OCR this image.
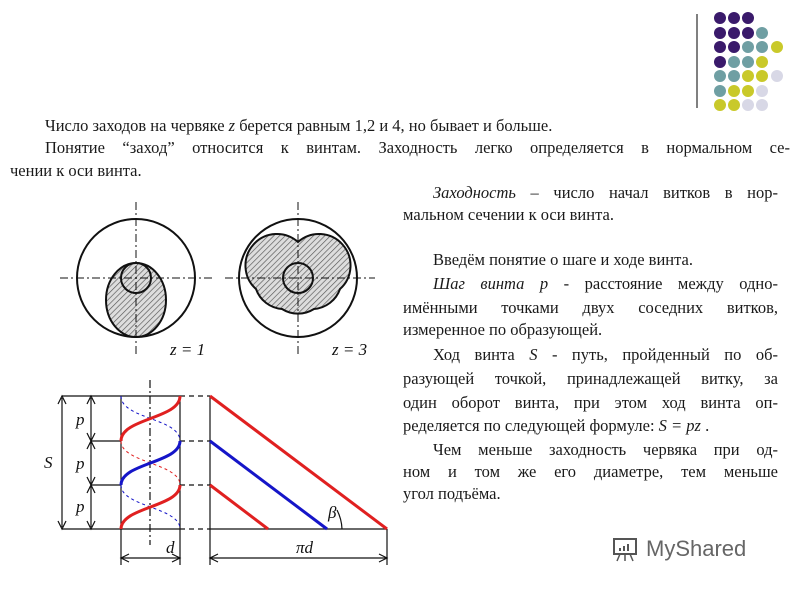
Число заходов на червяке z берется равным 1,2 и 4, но бывает и больше.
Понятие “заход” относится к винтам. Заходность легко определяется в нормальном се-
чении к оси винта.
Заходность – число начал витков в нор-
мальном сечении к оси винта.
Введём понятие о шаге и ходе винта.
Шаг винта p - расстояние между одно-
имёнными точками двух соседних витков,
измеренное по образующей.
Ход винта S - путь, пройденный по об-
разующей точкой, принадлежащей витку, за
один оборот винта, при этом ход винта оп-
ределяется по следующей формуле: S = pz .
Чем меньше заходность червяка при од-
ном и том же его диаметре, тем меньше
угол подъёма.
z = 1	z = 3
p
p
p
S
d	πd
β
MyShared
